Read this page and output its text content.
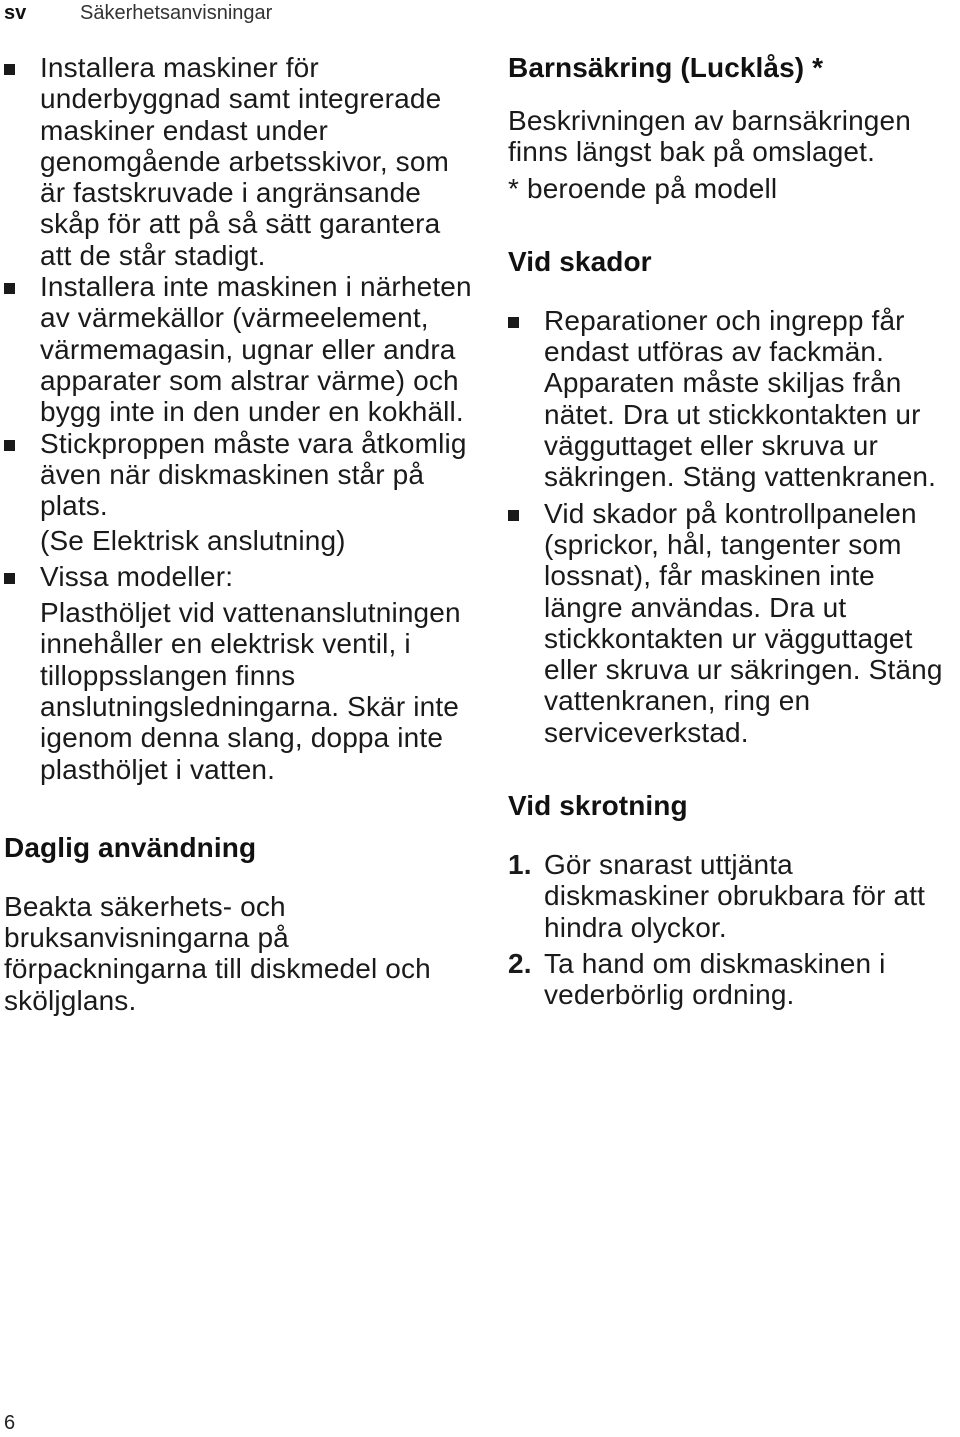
sv	Säkerhetsanvisningar

Installera maskiner för underbyggnad samt integrerade maskiner endast under genomgående arbetsskivor, som är fastskruvade i angränsande skåp för att på så sätt garantera att de står stadigt.

Installera inte maskinen i närheten av värmekällor (värmeelement, värmemagasin, ugnar eller andra apparater som alstrar värme) och bygg inte in den under en kokhäll.

Stickproppen måste vara åtkomlig även när diskmaskinen står på plats.

(Se Elektrisk anslutning)

Vissa modeller:

Plasthöljet vid vattenanslutningen innehåller en elektrisk ventil, i tilloppsslangen finns anslutningsledningarna. Skär inte igenom denna slang, doppa inte plasthöljet i vatten.

Daglig användning

Beakta säkerhets- och bruksanvisningarna på förpackningarna till diskmedel och sköljglans.

Barnsäkring (Lucklås) *

Beskrivningen av barnsäkringen finns längst bak på omslaget.

* beroende på modell

Vid skador

Reparationer och ingrepp får endast utföras av fackmän. Apparaten måste skiljas från nätet. Dra ut stickkontakten ur vägguttaget eller skruva ur säkringen. Stäng vattenkranen.

Vid skador på kontrollpanelen (sprickor, hål, tangenter som lossnat), får maskinen inte längre användas. Dra ut stickkontakten ur vägguttaget eller skruva ur säkringen. Stäng vattenkranen, ring en serviceverkstad.

Vid skrotning

1. Gör snarast uttjänta diskmaskiner obrukbara för att hindra olyckor.

2. Ta hand om diskmaskinen i vederbörlig ordning.

6
